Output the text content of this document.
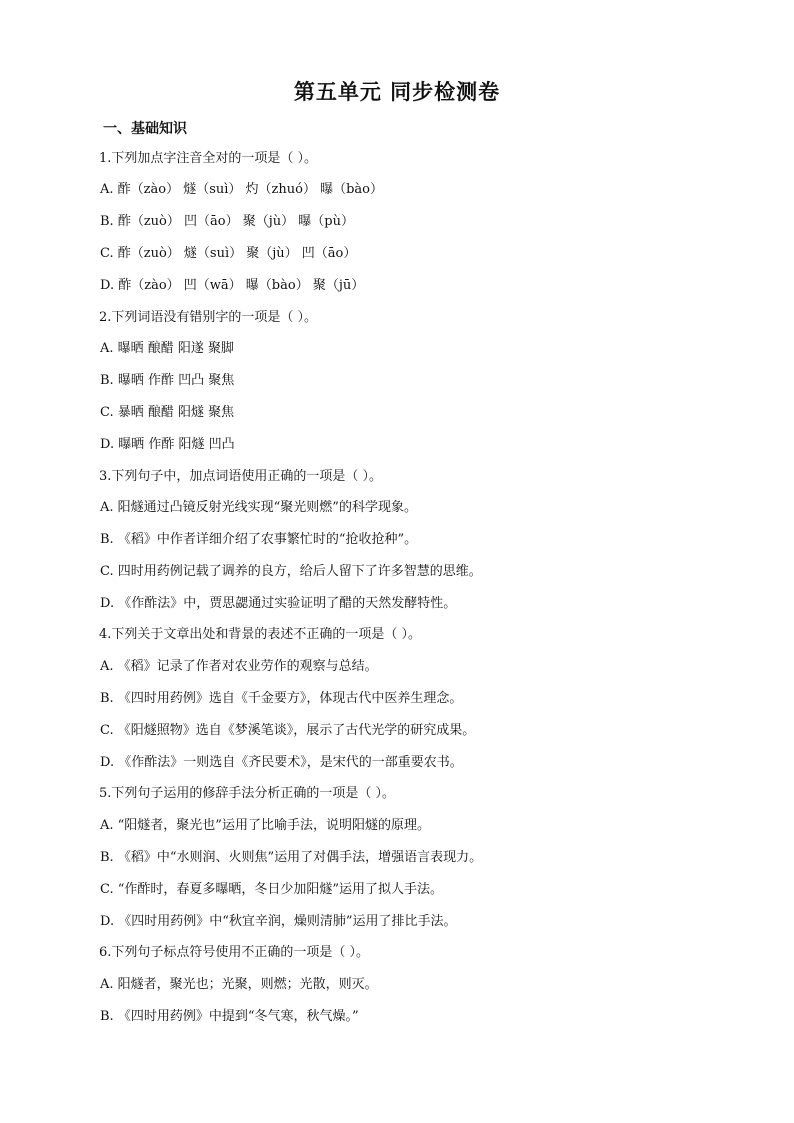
第五单元 同步检测卷
一、基础知识
1.下列加点字注音全对的一项是（ ）。
A. 酢（zào） 燧（suì） 灼（zhuó） 曝（bào）
B. 酢（zuò） 凹（āo） 聚（jù） 曝（pù）
C. 酢（zuò） 燧（suì） 聚（jù） 凹（āo）
D. 酢（zào） 凹（wā） 曝（bào） 聚（jū）
2.下列词语没有错别字的一项是（ ）。
A. 曝晒 酿醋 阳遂 聚脚
B. 曝晒 作酢 凹凸 聚焦
C. 暴晒 酿醋 阳燧 聚焦
D. 曝晒 作酢 阳燧 凹凸
3.下列句子中，加点词语使用正确的一项是（ ）。
A. 阳燧通过凸镜反射光线实现“聚光则燃”的科学现象。
B. 《稻》中作者详细介绍了农事繁忙时的“抢收抢种”。
C. 四时用药例记载了调养的良方，给后人留下了许多智慧的思维。
D. 《作酢法》中，贾思勰通过实验证明了醋的天然发酵特性。
4.下列关于文章出处和背景的表述不正确的一项是（ ）。
A. 《稻》记录了作者对农业劳作的观察与总结。
B. 《四时用药例》选自《千金要方》，体现古代中医养生理念。
C. 《阳燧照物》选自《梦溪笔谈》，展示了古代光学的研究成果。
D. 《作酢法》一则选自《齐民要术》，是宋代的一部重要农书。
5.下列句子运用的修辞手法分析正确的一项是（ ）。
A. “阳燧者，聚光也”运用了比喻手法，说明阳燧的原理。
B. 《稻》中“水则润、火则焦”运用了对偶手法，增强语言表现力。
C. “作酢时，春夏多曝晒，冬日少加阳燧”运用了拟人手法。
D. 《四时用药例》中“秋宜辛润，燥则清肺”运用了排比手法。
6.下列句子标点符号使用不正确的一项是（ ）。
A. 阳燧者，聚光也；光聚，则燃；光散，则灭。
B. 《四时用药例》中提到“冬气寒，秋气燥。”
